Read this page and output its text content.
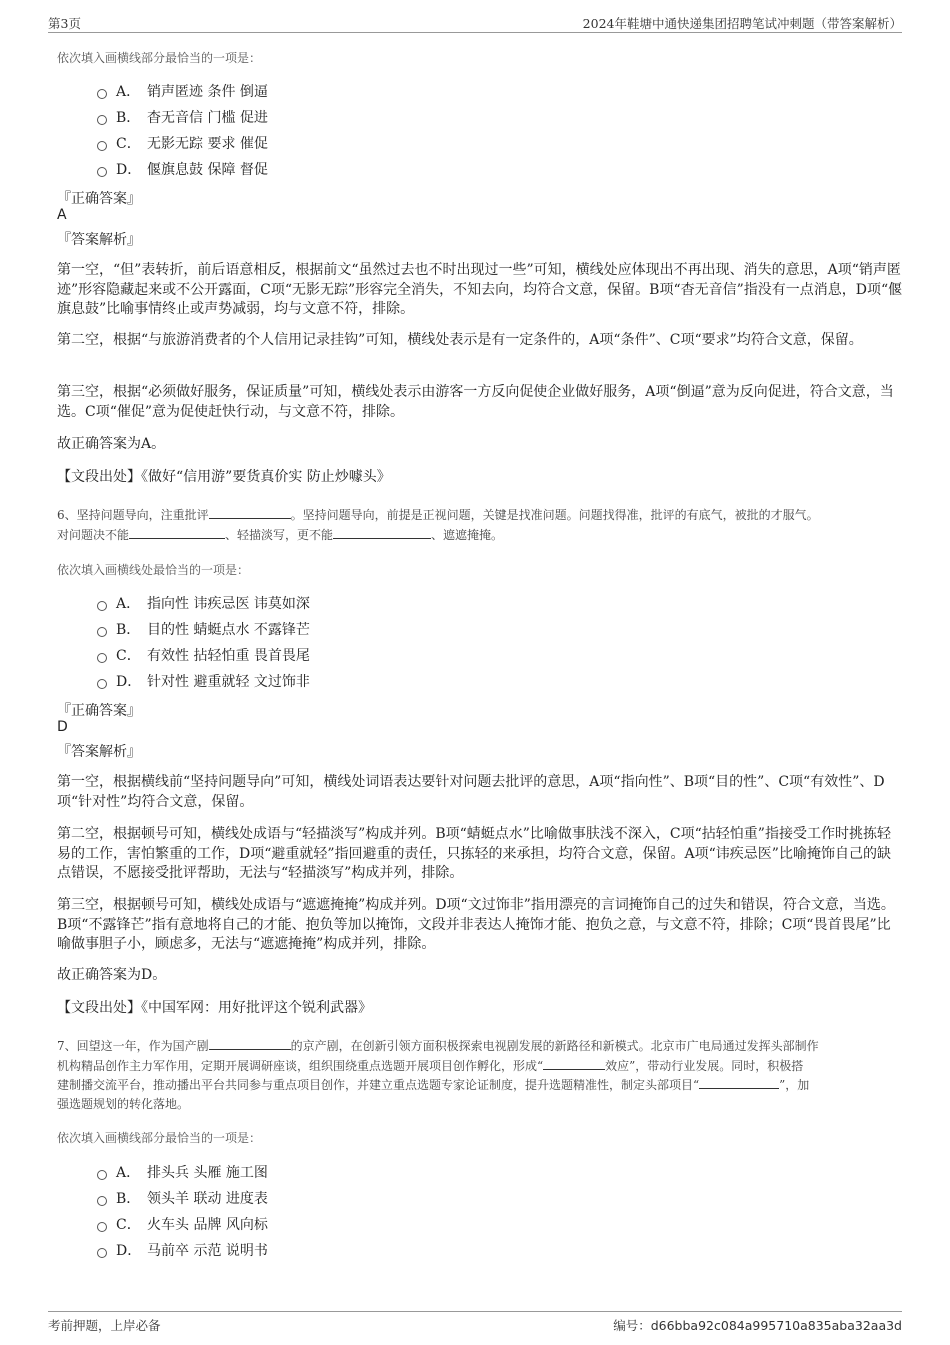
第3页	2024年鞋塘中通快递集团招聘笔试冲刺题（带答案解析）
依次填入画横线部分最恰当的一项是：
A． 销声匿迹 条件 倒逼
B． 杳无音信 门槛 促进
C． 无影无踪 要求 催促
D． 偃旗息鼓 保障 督促
『正确答案』
A
『答案解析』
第一空，“但”表转折，前后语意相反，根据前文“虽然过去也不时出现过一些”可知，横线处应体现出不再出现、消失的意思，A项“销声匿迹”形容隐藏起来或不公开露面，C项“无影无踪”形容完全消失，不知去向，均符合文意，保留。B项“杳无音信”指没有一点消息，D项“偃旗息鼓”比喻事情终止或声势减弱，均与文意不符，排除。
第二空，根据“与旅游消费者的个人信用记录挂钩”可知，横线处表示是有一定条件的，A项“条件”、C项“要求”均符合文意，保留。
第三空，根据“必须做好服务，保证质量”可知，横线处表示由游客一方反向促使企业做好服务，A项“倒逼”意为反向促进，符合文意，当选。C项“催促”意为促使赶快行动，与文意不符，排除。
故正确答案为A。
【文段出处】《做好“信用游”要货真价实 防止炒噱头》
6、坚持问题导向，注重批评	。坚持问题导向，前提是正视问题，关键是找准问题。问题找得准，批评的有底气，被批的才服气。
对问题决不能	、轻描淡写，更不能	、遮遮掩掩。
依次填入画横线处最恰当的一项是：
A． 指向性 讳疾忌医 讳莫如深
B． 目的性 蜻蜓点水 不露锋芒
C． 有效性 拈轻怕重 畏首畏尾
D． 针对性 避重就轻 文过饰非
『正确答案』
D
『答案解析』
第一空，根据横线前“坚持问题导向”可知，横线处词语表达要针对问题去批评的意思，A项“指向性”、B项“目的性”、C项“有效性”、D项“针对性”均符合文意，保留。
第二空，根据顿号可知，横线处成语与“轻描淡写”构成并列。B项“蜻蜓点水”比喻做事肤浅不深入，C项“拈轻怕重”指接受工作时挑拣轻易的工作，害怕繁重的工作，D项“避重就轻”指回避重的责任，只拣轻的来承担，均符合文意，保留。A项“讳疾忌医”比喻掩饰自己的缺点错误，不愿接受批评帮助，无法与“轻描淡写”构成并列，排除。
第三空，根据顿号可知，横线处成语与“遮遮掩掩”构成并列。D项“文过饰非”指用漂亮的言词掩饰自己的过失和错误，符合文意，当选。B项“不露锋芒”指有意地将自己的才能、抱负等加以掩饰，文段并非表达人掩饰才能、抱负之意，与文意不符，排除；C项“畏首畏尾”比喻做事胆子小，顾虑多，无法与“遮遮掩掩”构成并列，排除。
故正确答案为D。
【文段出处】《中国军网：用好批评这个锐利武器》
7、回望这一年，作为国产剧	的京产剧，在创新引领方面积极探索电视剧发展的新路径和新模式。北京市广电局通过发挥头部制作
机构精品创作主力军作用，定期开展调研座谈，组织围绕重点选题开展项目创作孵化，形成“	效应”，带动行业发展。同时，积极搭
建制播交流平台，推动播出平台共同参与重点项目创作，并建立重点选题专家论证制度，提升选题精准性，制定头部项目“	”，加
强选题规划的转化落地。
依次填入画横线部分最恰当的一项是：
A． 排头兵 头雁 施工图
B． 领头羊 联动 进度表
C． 火车头 品牌 风向标
D． 马前卒 示范 说明书
考前押题，上岸必备	编号：d66bba92c084a995710a835aba32aa3d
